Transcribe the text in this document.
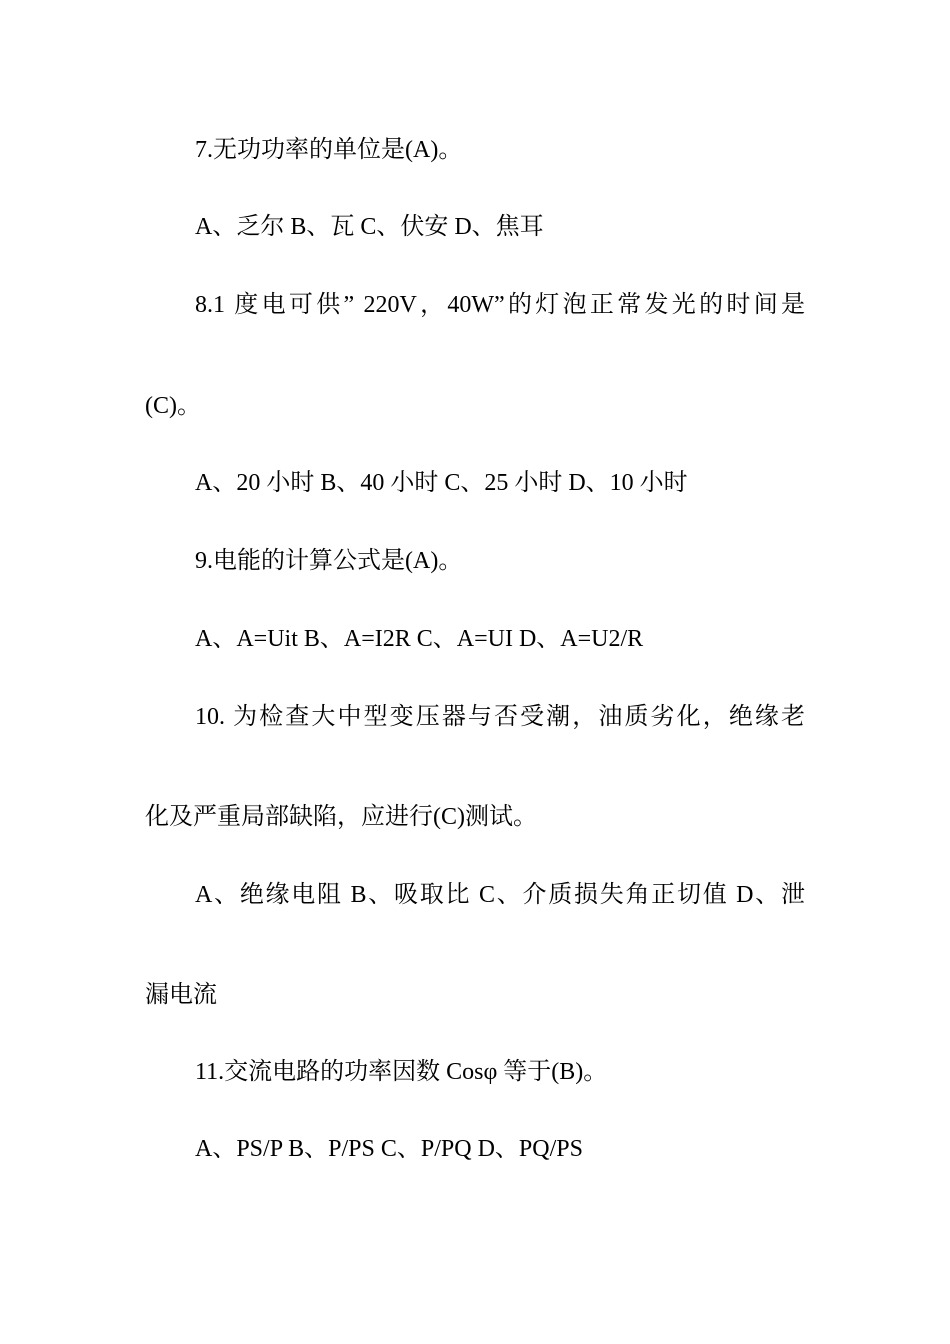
7.无功功率的单位是(A)。

A、乏尔 B、瓦 C、伏安 D、焦耳

8.1 度电可供” 220V，40W”的灯泡正常发光的时间是

(C)。

A、20 小时 B、40 小时 C、25 小时 D、10 小时

9.电能的计算公式是(A)。

A、A=Uit B、A=I2R C、A=UI D、A=U2/R

10. 为检查大中型变压器与否受潮，油质劣化，绝缘老

化及严重局部缺陷，应进行(C)测试。

A、绝缘电阻 B、吸取比 C、介质损失角正切值 D、泄

漏电流

11.交流电路的功率因数 Cosφ 等于(B)。

A、PS/P B、P/PS C、P/PQ D、PQ/PS
